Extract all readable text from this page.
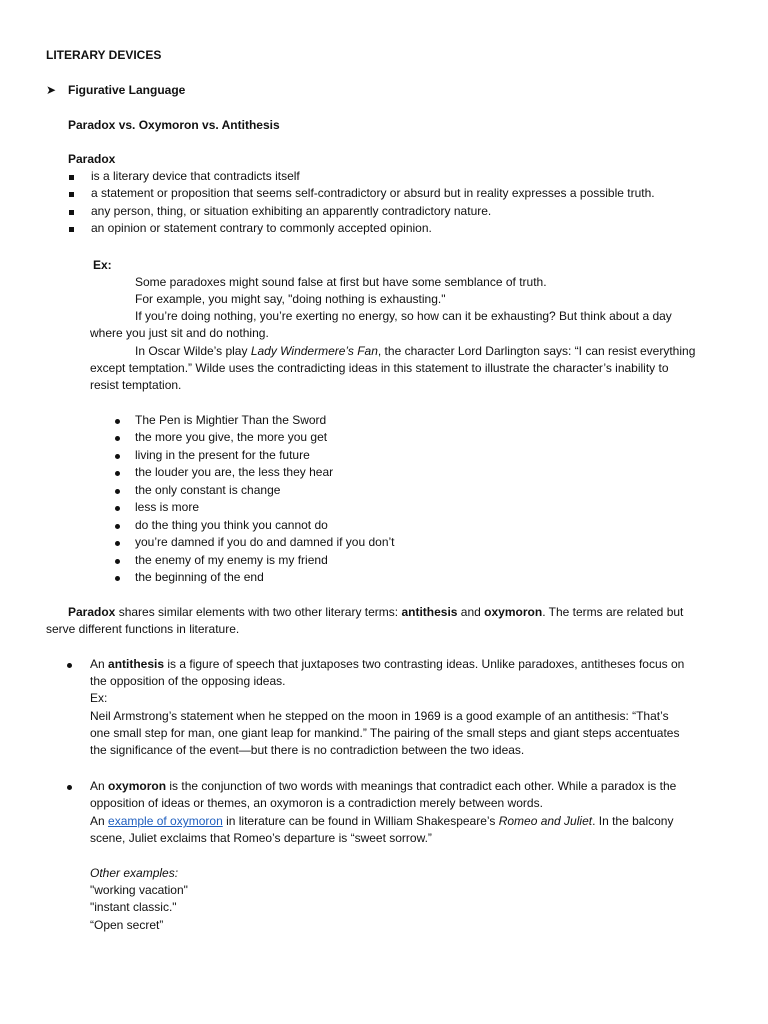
LITERARY DEVICES
➤ Figurative Language
Paradox vs. Oxymoron vs. Antithesis
Paradox
is a literary device that contradicts itself
a statement or proposition that seems self-contradictory or absurd but in reality expresses a possible truth.
any person, thing, or situation exhibiting an apparently contradictory nature.
an opinion or statement contrary to commonly accepted opinion.
Ex:
Some paradoxes might sound false at first but have some semblance of truth.
For example, you might say, "doing nothing is exhausting."
If you’re doing nothing, you’re exerting no energy, so how can it be exhausting? But think about a day
where you just sit and do nothing.
In Oscar Wilde’s play Lady Windermere’s Fan, the character Lord Darlington says: “I can resist everything
except temptation.” Wilde uses the contradicting ideas in this statement to illustrate the character’s inability to
resist temptation.
The Pen is Mightier Than the Sword
the more you give, the more you get
living in the present for the future
the louder you are, the less they hear
the only constant is change
less is more
do the thing you think you cannot do
you’re damned if you do and damned if you don’t
the enemy of my enemy is my friend
the beginning of the end
Paradox shares similar elements with two other literary terms: antithesis and oxymoron. The terms are related but
serve different functions in literature.
An antithesis is a figure of speech that juxtaposes two contrasting ideas. Unlike paradoxes, antitheses focus on
the opposition of the opposing ideas.
Ex:
Neil Armstrong’s statement when he stepped on the moon in 1969 is a good example of an antithesis: “That’s
one small step for man, one giant leap for mankind.” The pairing of the small steps and giant steps accentuates
the significance of the event—but there is no contradiction between the two ideas.
An oxymoron is the conjunction of two words with meanings that contradict each other. While a paradox is the
opposition of ideas or themes, an oxymoron is a contradiction merely between words.
An example of oxymoron in literature can be found in William Shakespeare’s Romeo and Juliet. In the balcony
scene, Juliet exclaims that Romeo’s departure is “sweet sorrow.”
Other examples:
"working vacation"
"instant classic."
“Open secret”
